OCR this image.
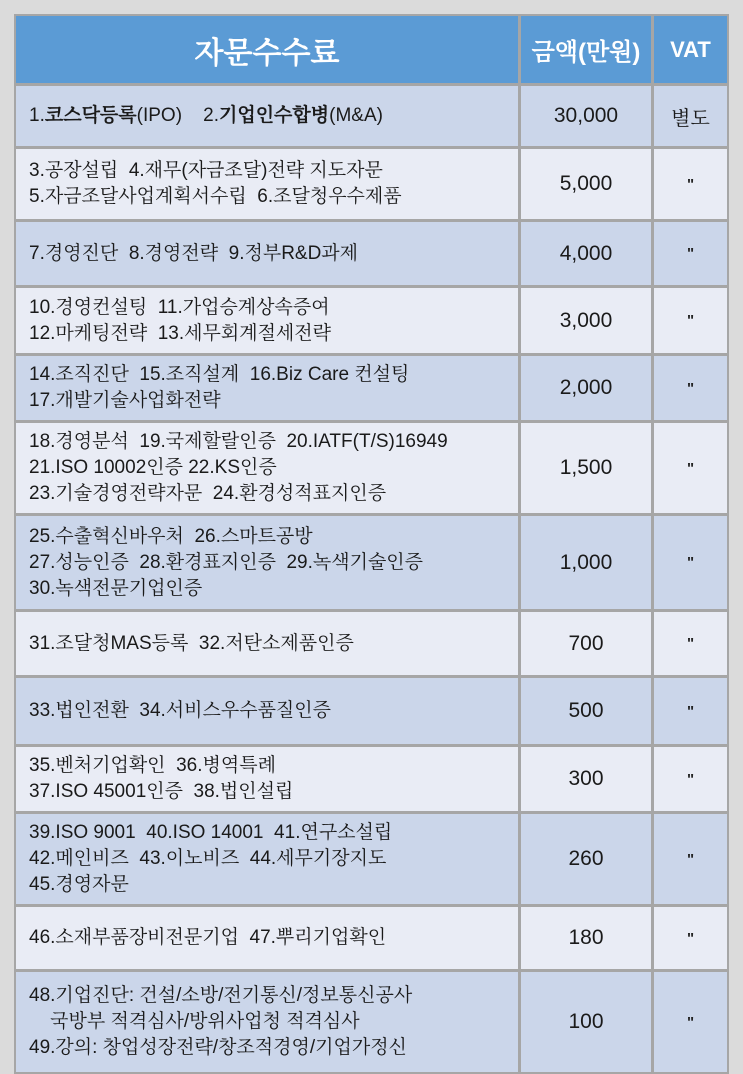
자문수수료	금액(만원)	VAT
1.코스닥등록(IPO)    2.기업인수합병(M&A)	30,000	별도
3.공장설립  4.재무(자금조달)전략 지도자문
5.자금조달사업계획서수립  6.조달청우수제품
5,000	"
7.경영진단  8.경영전략  9.정부R&D과제	4,000	"
10.경영컨설팅  11.가업승계상속증여
12.마케팅전략  13.세무회계절세전략
3,000	"
14.조직진단  15.조직설계  16.Biz Care 컨설팅
17.개발기술사업화전략
2,000	"
18.경영분석  19.국제할랄인증  20.IATF(T/S)16949
21.ISO 10002인증 22.KS인증
23.기술경영전략자문  24.환경성적표지인증
1,500	"
25.수출혁신바우처  26.스마트공방
27.성능인증  28.환경표지인증  29.녹색기술인증
30.녹색전문기업인증
1,000	"
31.조달청MAS등록  32.저탄소제품인증	700	"
33.법인전환  34.서비스우수품질인증	500	"
35.벤처기업확인  36.병역특례
37.ISO 45001인증  38.법인설립
300	"
39.ISO 9001  40.ISO 14001  41.연구소설립
42.메인비즈  43.이노비즈  44.세무기장지도
45.경영자문
260	"
46.소재부품장비전문기업  47.뿌리기업확인	180	"
48.기업진단: 건설/소방/전기통신/정보통신공사
국방부 적격심사/방위사업청 적격심사
49.강의: 창업성장전략/창조적경영/기업가정신
100	"
